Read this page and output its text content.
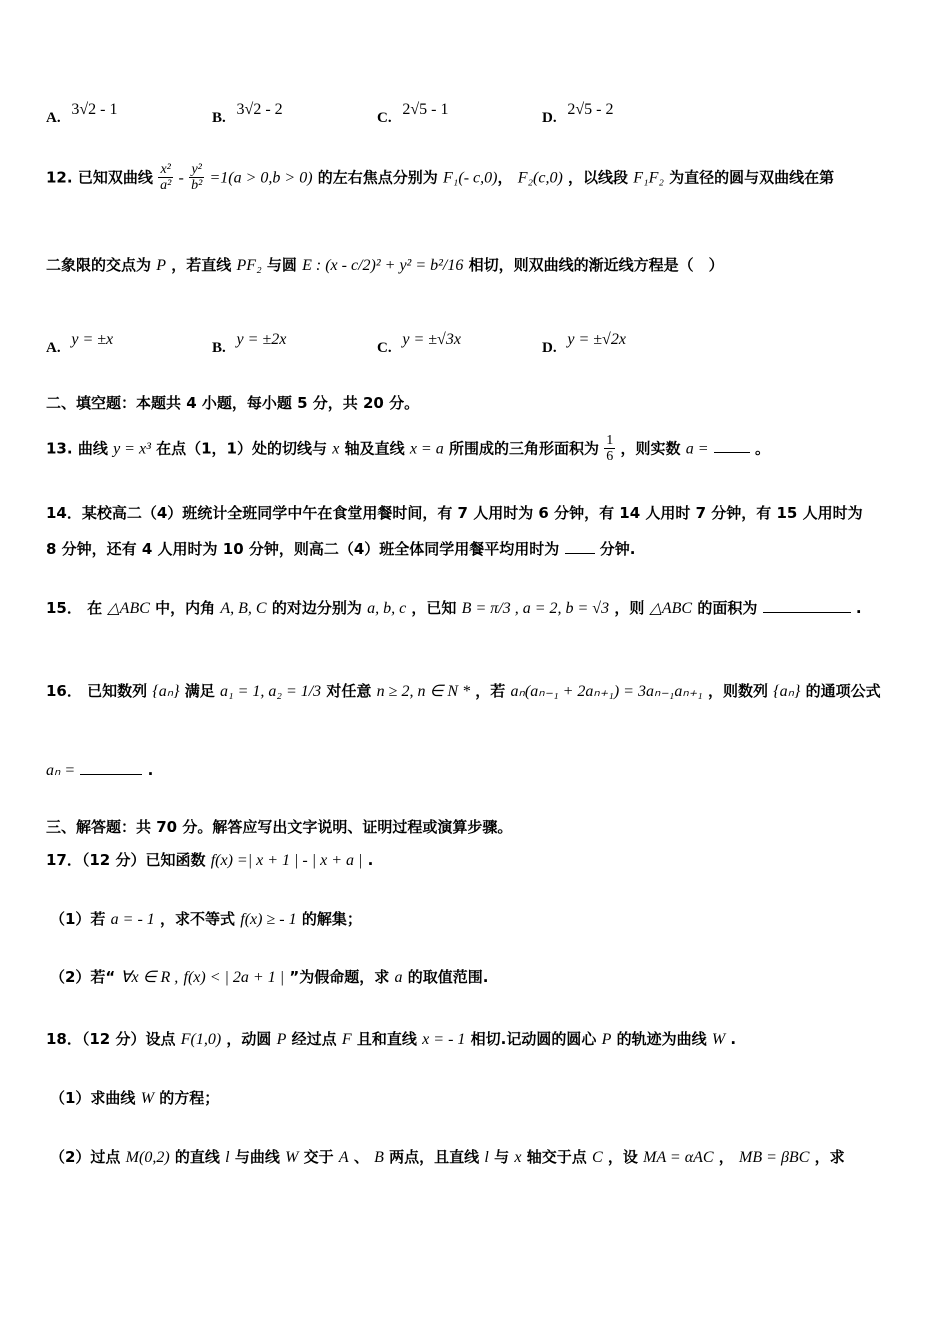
A. 3√2 - 1	B. 3√2 - 2	C. 2√5 - 1	D. 2√5 - 2
12. 已知双曲线 $\frac{\text{x²}}{\text{a²}} - \frac{\text{y²}}{\text{b²}} =1(a > 0,b > 0)$ 的左右焦点分别为 F₁(- c,0)， F₂(c,0) ，以线段 F₁F₂ 为直径的圆与双曲线在第
二象限的交点为 P ，若直线 PF₂ 与圆 E : (x - c/2)² + y² = b²/16 相切，则双曲线的渐近线方程是（　）
A. y = ±x	B. y = ±2x	C. y = ±√3x	D. y = ±√2x
二、填空题：本题共 4 小题，每小题 5 分，共 20 分。
13. 曲线 y = x³ 在点（1，1）处的切线与 x 轴及直线 x = a 所围成的三角形面积为 $\frac{1}{6}$ ，则实数 a =	。
14．某校高二（4）班统计全班同学中午在食堂用餐时间，有 7 人用时为 6 分钟，有 14 人用时 7 分钟，有 15 人用时为
8 分钟，还有 4 人用时为 10 分钟，则高二（4）班全体同学用餐平均用时为	分钟.
15． 在 △ABC 中，内角 A, B, C 的对边分别为 a, b, c ，已知 B = π/3 , a = 2, b = √3 ，则 △ABC 的面积为	.
16． 已知数列 {aₙ} 满足 a₁ = 1, a₂ = 1/3 对任意 n ≥ 2, n ∈ N * ，若 aₙ(aₙ₋₁ + 2aₙ₊₁) = 3aₙ₋₁aₙ₊₁ ，则数列 {aₙ} 的通项公式
aₙ =	.
三、解答题：共 70 分。解答应写出文字说明、证明过程或演算步骤。
17．（12 分）已知函数 f(x) =| x + 1 | - | x + a | .
（1）若 a = - 1 ，求不等式 f(x) ≥ - 1 的解集；
（2）若“ ∀x ∈ R , f(x) < | 2a + 1 | ”为假命题，求 a 的取值范围.
18．（12 分）设点 F(1,0) ，动圆 P 经过点 F 且和直线 x = - 1 相切.记动圆的圆心 P 的轨迹为曲线 W .
（1）求曲线 W 的方程；
（2）过点 M(0,2) 的直线 l 与曲线 W 交于 A 、 B 两点，且直线 l 与 x 轴交于点 C ，设 MA = αAC ， MB = βBC ，求
